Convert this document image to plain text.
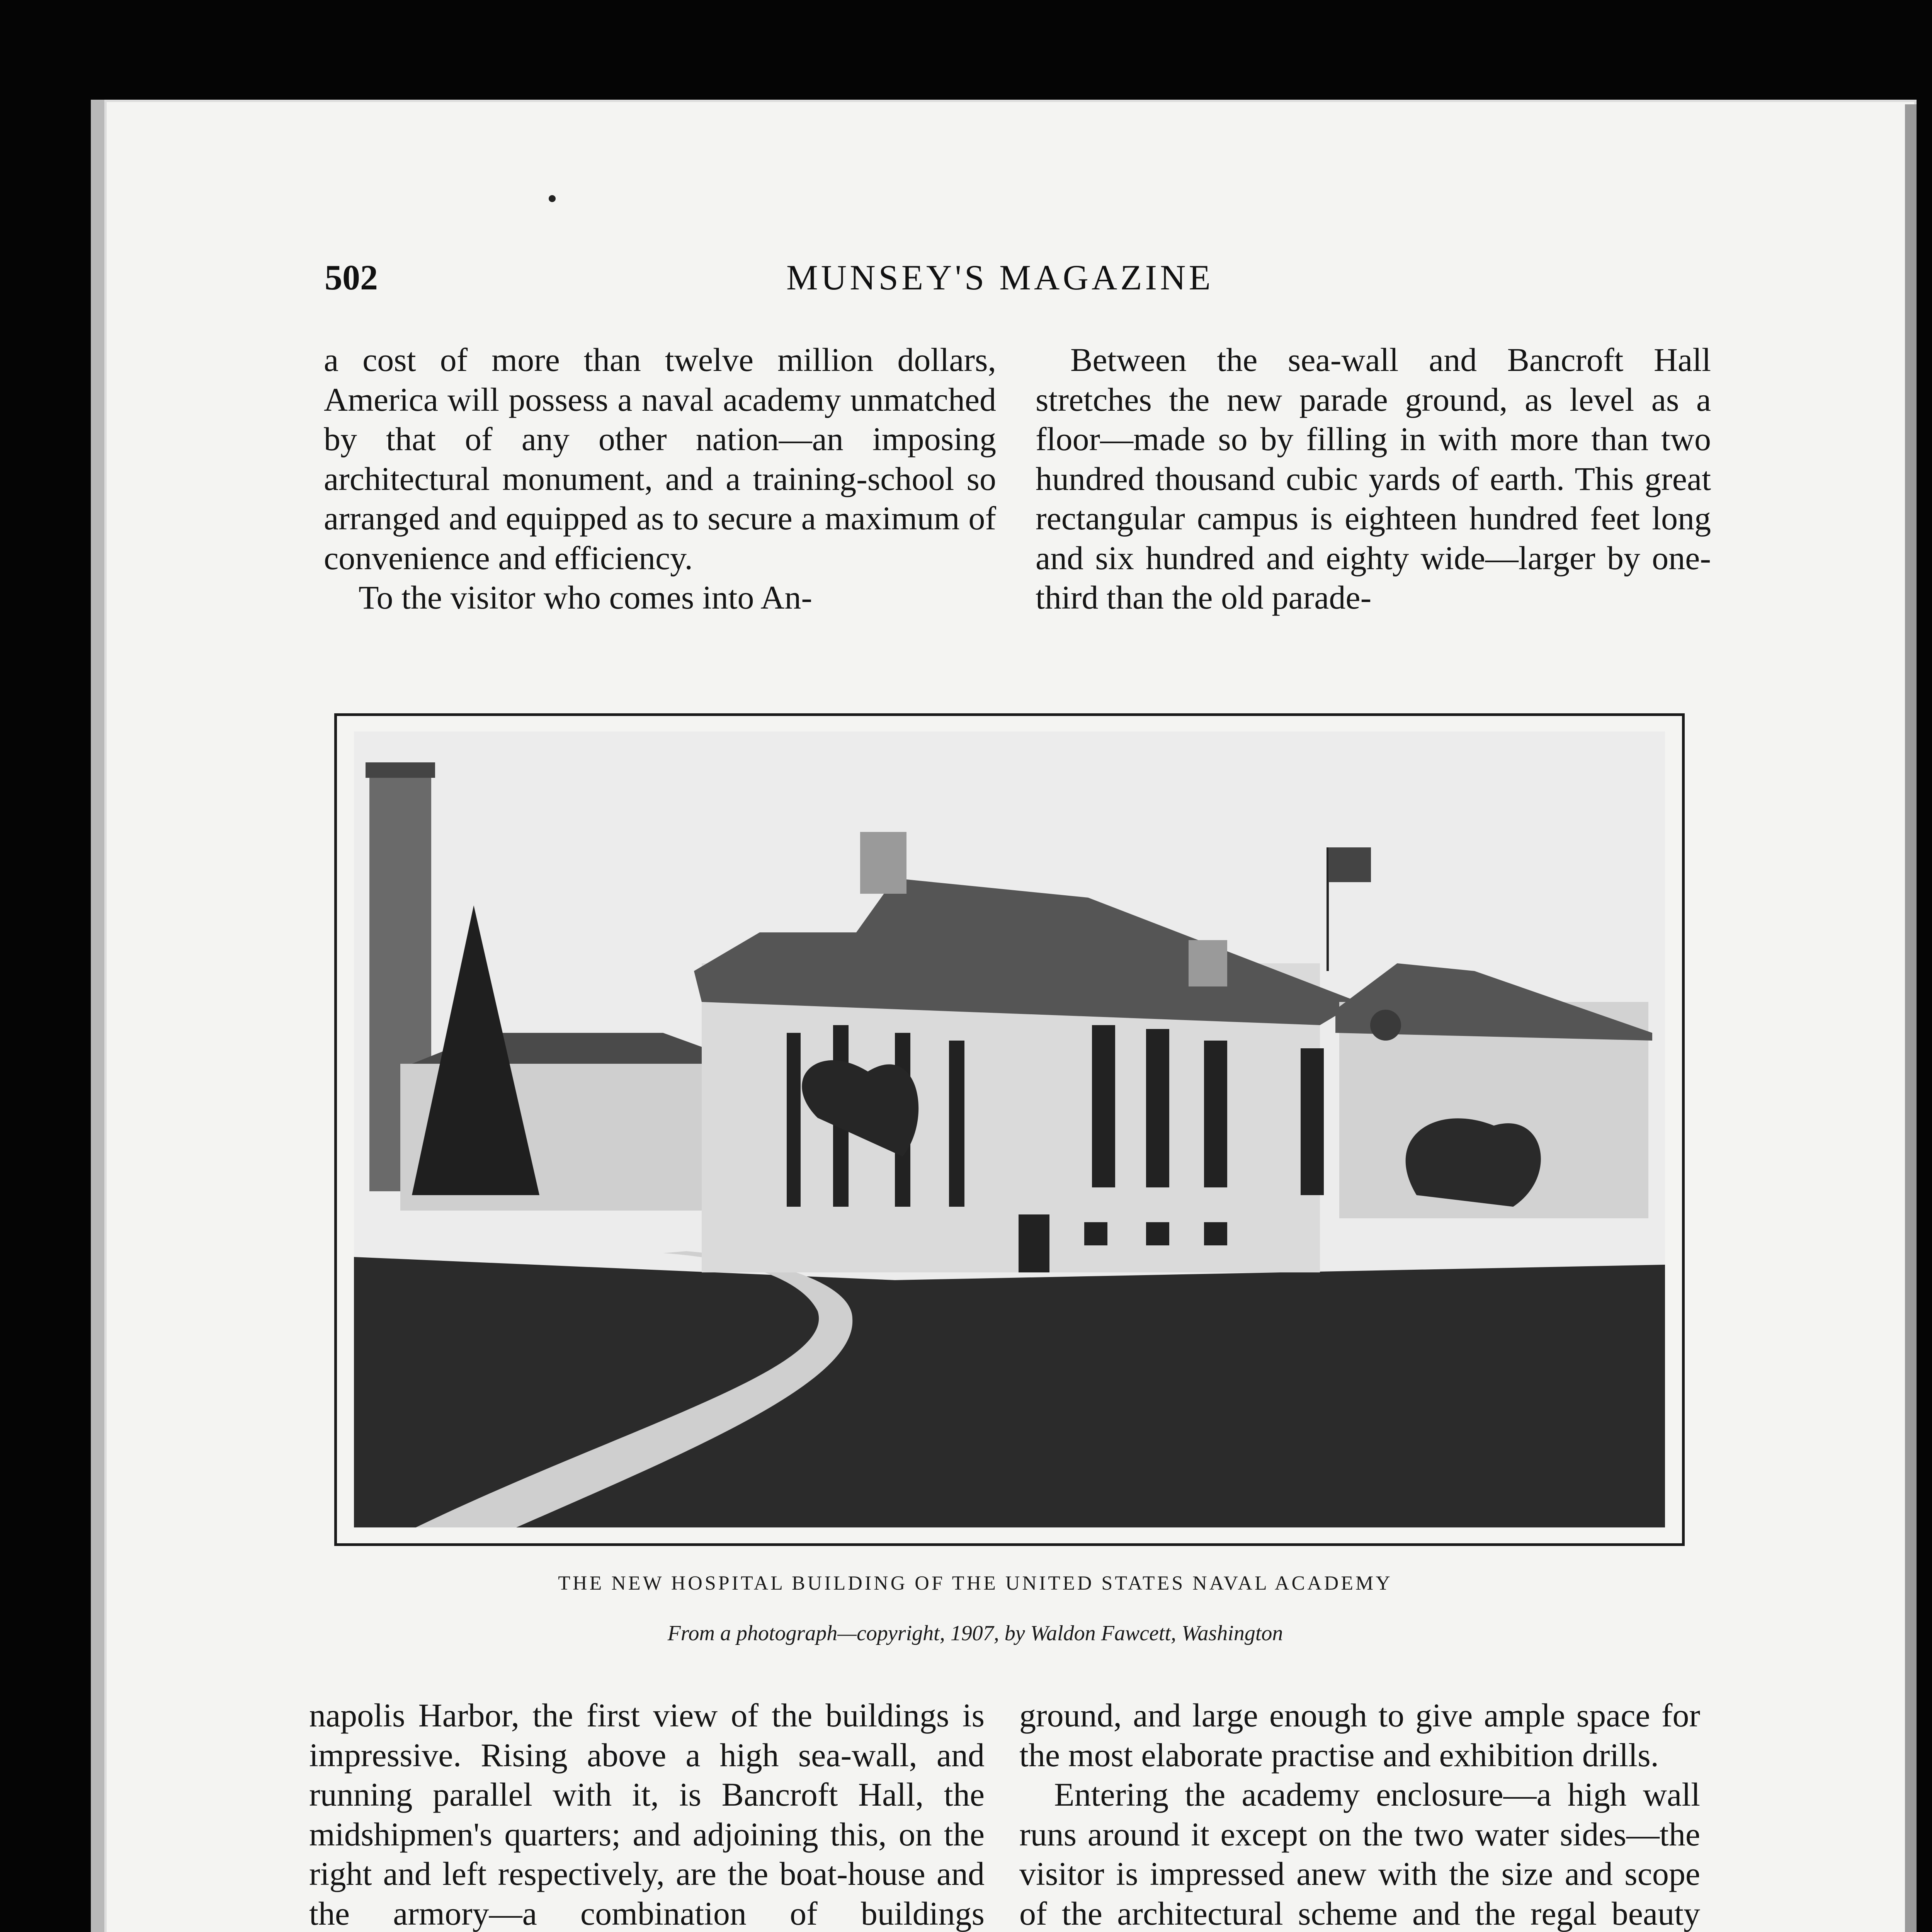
502	MUNSEY'S MAGAZINE

a cost of more than twelve million dollars, America will possess a naval academy unmatched by that of any other nation—an imposing architectural monument, and a training-school so arranged and equipped as to secure a maximum of convenience and efficiency.

To the visitor who comes into An-

Between the sea-wall and Bancroft Hall stretches the new parade ground, as level as a floor—made so by filling in with more than two hundred thousand cubic yards of earth. This great rectangular campus is eighteen hundred feet long and six hundred and eighty wide—larger by one-third than the old parade-

THE NEW HOSPITAL BUILDING OF THE UNITED STATES NAVAL ACADEMY
From a photograph—copyright, 1907, by Waldon Fawcett, Washington

napolis Harbor, the first view of the buildings is impressive. Rising above a high sea-wall, and running parallel with it, is Bancroft Hall, the midshipmen's quarters; and adjoining this, on the right and left respectively, are the boat-house and the armory—a combination of buildings

ground, and large enough to give ample space for the most elaborate practise and exhibition drills.

Entering the academy enclosure—a high wall runs around it except on the two water sides—the visitor is impressed anew with the size and scope of the architectural scheme and the regal beauty
